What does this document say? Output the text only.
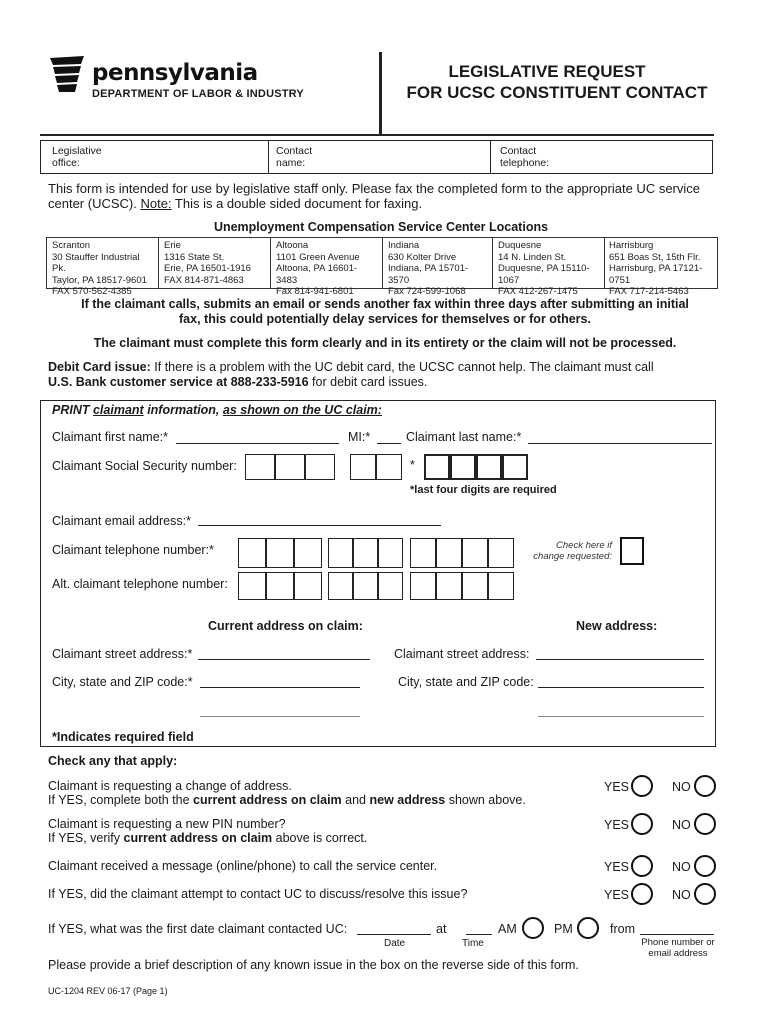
pennsylvania
DEPARTMENT OF LABOR & INDUSTRY
LEGISLATIVE REQUEST
FOR UCSC CONSTITUENT CONTACT
Legislative office:
Contact name:
Contact telephone:
This form is intended for use by legislative staff only. Please fax the completed form to the appropriate UC service
center (UCSC). Note: This is a double sided document for faxing.
Unemployment Compensation Service Center Locations
Scranton
30 Stauffer Industrial Pk.
Taylor, PA 18517-9601
FAX 570-562-4385
Erie
1316 State St.
Erie, PA 16501-1916
FAX 814-871-4863
Altoona
1101 Green Avenue
Altoona, PA 16601-3483
Fax 814-941-6801
Indiana
630 Kolter Drive
Indiana, PA 15701-3570
Fax 724-599-1068
Duquesne
14 N. Linden St.
Duquesne, PA 15110-1067
FAX 412-267-1475
Harrisburg
651 Boas St, 15th Flr.
Harrisburg, PA 17121-0751
FAX 717-214-5463
If the claimant calls, submits an email or sends another fax within three days after submitting an initial
fax, this could potentially delay services for themselves or for others.
The claimant must complete this form clearly and in its entirety or the claim will not be processed.
Debit Card issue: If there is a problem with the UC debit card, the UCSC cannot help. The claimant must call
U.S. Bank customer service at 888-233-5916 for debit card issues.
PRINT claimant information, as shown on the UC claim:
Claimant first name:*	MI:*	Claimant last name:*
Claimant Social Security number:	*
*last four digits are required
Claimant email address:*
Claimant telephone number:*	Check here if
change requested:
Alt. claimant telephone number:
Current address on claim:	New address:
Claimant street address:*	Claimant street address:
City, state and ZIP code:*	City, state and ZIP code:
*Indicates required field
Check any that apply:
Claimant is requesting a change of address.
If YES, complete both the current address on claim and new address shown above.
YES	NO
Claimant is requesting a new PIN number?
If YES, verify current address on claim above is correct.
YES	NO
Claimant received a message (online/phone) to call the service center.	YES	NO
If YES, did the claimant attempt to contact UC to discuss/resolve this issue?	YES	NO
If YES, what was the first date claimant contacted UC:	at	AM	PM	from
Date	Time	Phone number or
email address
Please provide a brief description of any known issue in the box on the reverse side of this form.
UC-1204 REV 06-17 (Page 1)
